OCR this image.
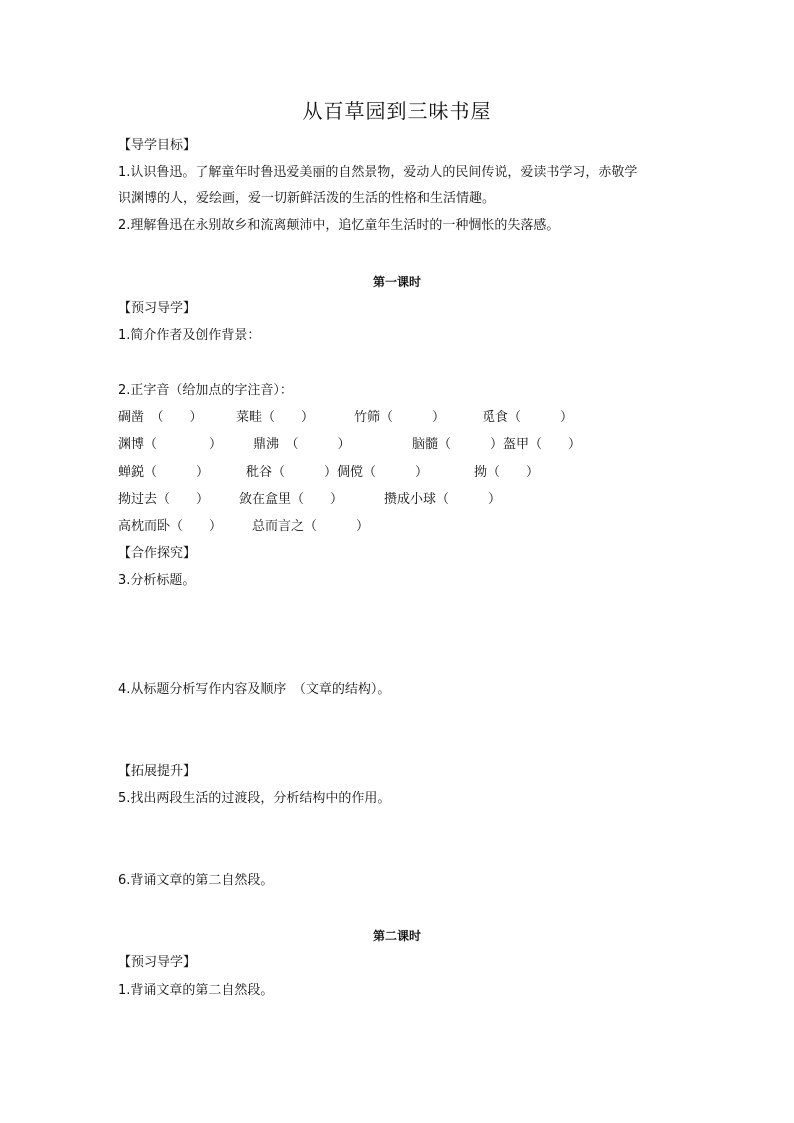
从百草园到三味书屋
【导学目标】
1.认识鲁迅。了解童年时鲁迅爱美丽的自然景物，爱动人的民间传说，爱读书学习，赤敬学
识渊博的人，爱绘画，爱一切新鲜活泼的生活的性格和生活情趣。
2.理解鲁迅在永别故乡和流离颠沛中，追忆童年生活时的一种惆怅的失落感。
第一课时
【预习导学】
1.简介作者及创作背景：
2.正字音（给加点的字注音）：
碉凿　（　　）	菜畦（　　）	竹筛（　　　）	觅食（　　　）
渊博（　　　　） 鼎沸　（　　　）	脑髓（　　　）盔甲（　　）
蝉鋭（　　　）	秕谷（　　　）倜傥（　　　）	拗（　　）
拗过去（　　） 敛在盒里（　　）	攒成小球（　　　）
高枕而卧（　　） 总而言之（　　　）
【合作探究】
3.分析标题。
4.从标题分析写作内容及顺序　（文章的结构）。
【拓展提升】
5.找出两段生活的过渡段，分析结构中的作用。
6.背诵文章的第二自然段。
第二课时
【预习导学】
1.背诵文章的第二自然段。
